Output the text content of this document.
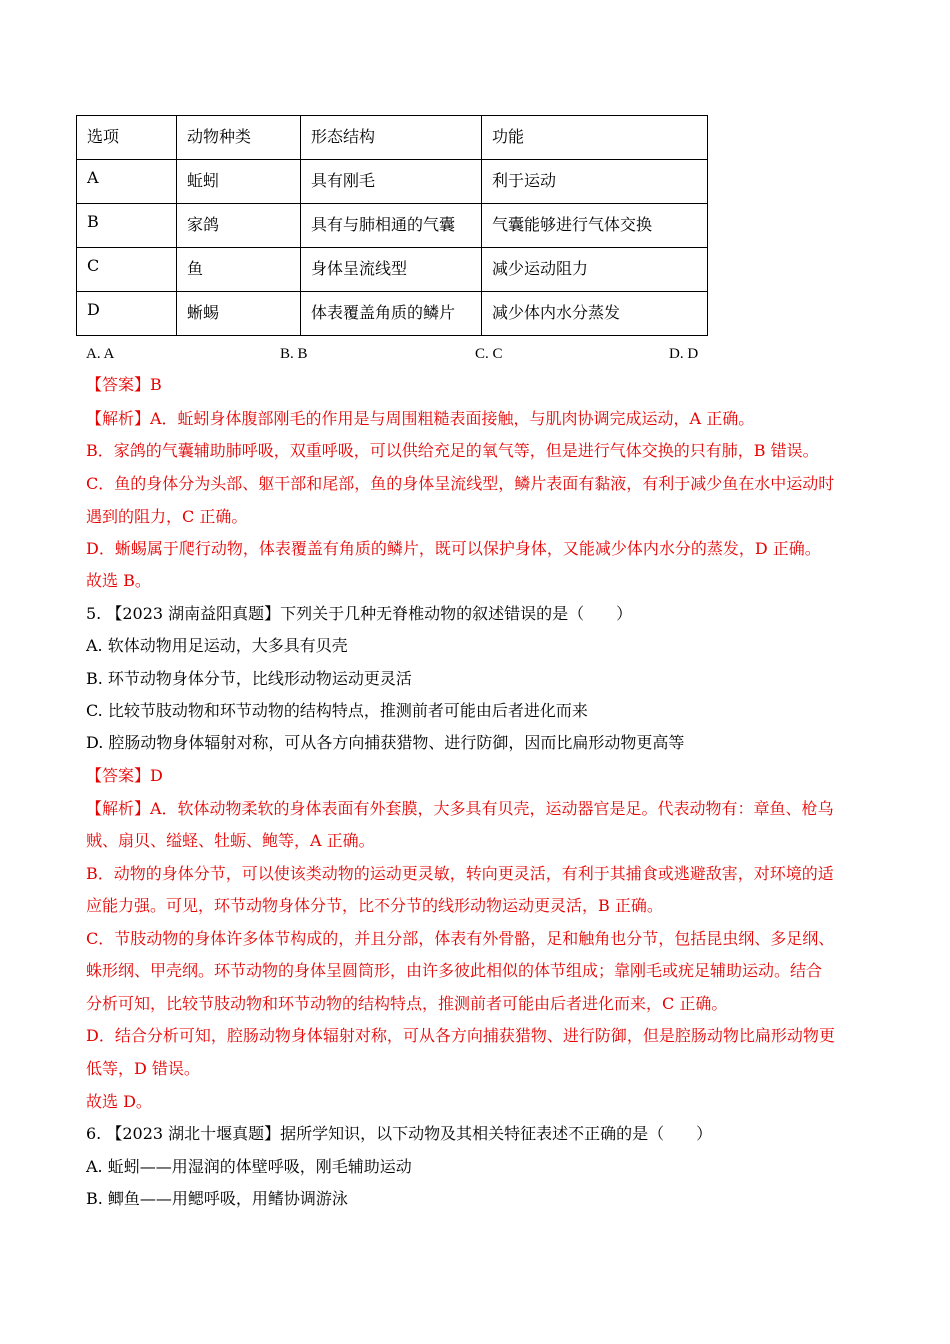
选项	动物种类	形态结构	功能
A	蚯蚓	具有刚毛	利于运动
B	家鸽	具有与肺相通的气囊	气囊能够进行气体交换
C	鱼	身体呈流线型	减少运动阻力
D	蜥蜴	体表覆盖角质的鳞片	减少体内水分蒸发
A. A	B. B	C. C	D. D
【答案】B
【解析】A．蚯蚓身体腹部刚毛的作用是与周围粗糙表面接触，与肌肉协调完成运动，A 正确。
B．家鸽的气囊辅助肺呼吸，双重呼吸，可以供给充足的氧气等，但是进行气体交换的只有肺，B 错误。
C．鱼的身体分为头部、躯干部和尾部，鱼的身体呈流线型，鳞片表面有黏液，有利于减少鱼在水中运动时
遇到的阻力，C 正确。
D．蜥蜴属于爬行动物，体表覆盖有角质的鳞片，既可以保护身体，又能减少体内水分的蒸发，D 正确。
故选 B。
5. 【2023 湖南益阳真题】下列关于几种无脊椎动物的叙述错误的是（　　）
A. 软体动物用足运动，大多具有贝壳
B. 环节动物身体分节，比线形动物运动更灵活
C. 比较节肢动物和环节动物的结构特点，推测前者可能由后者进化而来
D. 腔肠动物身体辐射对称，可从各方向捕获猎物、进行防御，因而比扁形动物更高等
【答案】D
【解析】A．软体动物柔软的身体表面有外套膜，大多具有贝壳，运动器官是足。代表动物有：章鱼、枪乌
贼、扇贝、缢蛏、牡蛎、鲍等，A 正确。
B．动物的身体分节，可以使该类动物的运动更灵敏，转向更灵活，有利于其捕食或逃避敌害，对环境的适
应能力强。可见，环节动物身体分节，比不分节的线形动物运动更灵活，B 正确。
C．节肢动物的身体许多体节构成的，并且分部，体表有外骨骼，足和触角也分节，包括昆虫纲、多足纲、
蛛形纲、甲壳纲。环节动物的身体呈圆筒形，由许多彼此相似的体节组成；靠刚毛或疣足辅助运动。结合
分析可知，比较节肢动物和环节动物的结构特点，推测前者可能由后者进化而来，C 正确。
D．结合分析可知，腔肠动物身体辐射对称，可从各方向捕获猎物、进行防御，但是腔肠动物比扁形动物更
低等，D 错误。
故选 D。
6. 【2023 湖北十堰真题】据所学知识，以下动物及其相关特征表述不正确的是（　　）
A. 蚯蚓——用湿润的体壁呼吸，刚毛辅助运动
B. 鲫鱼——用鳃呼吸，用鳍协调游泳
